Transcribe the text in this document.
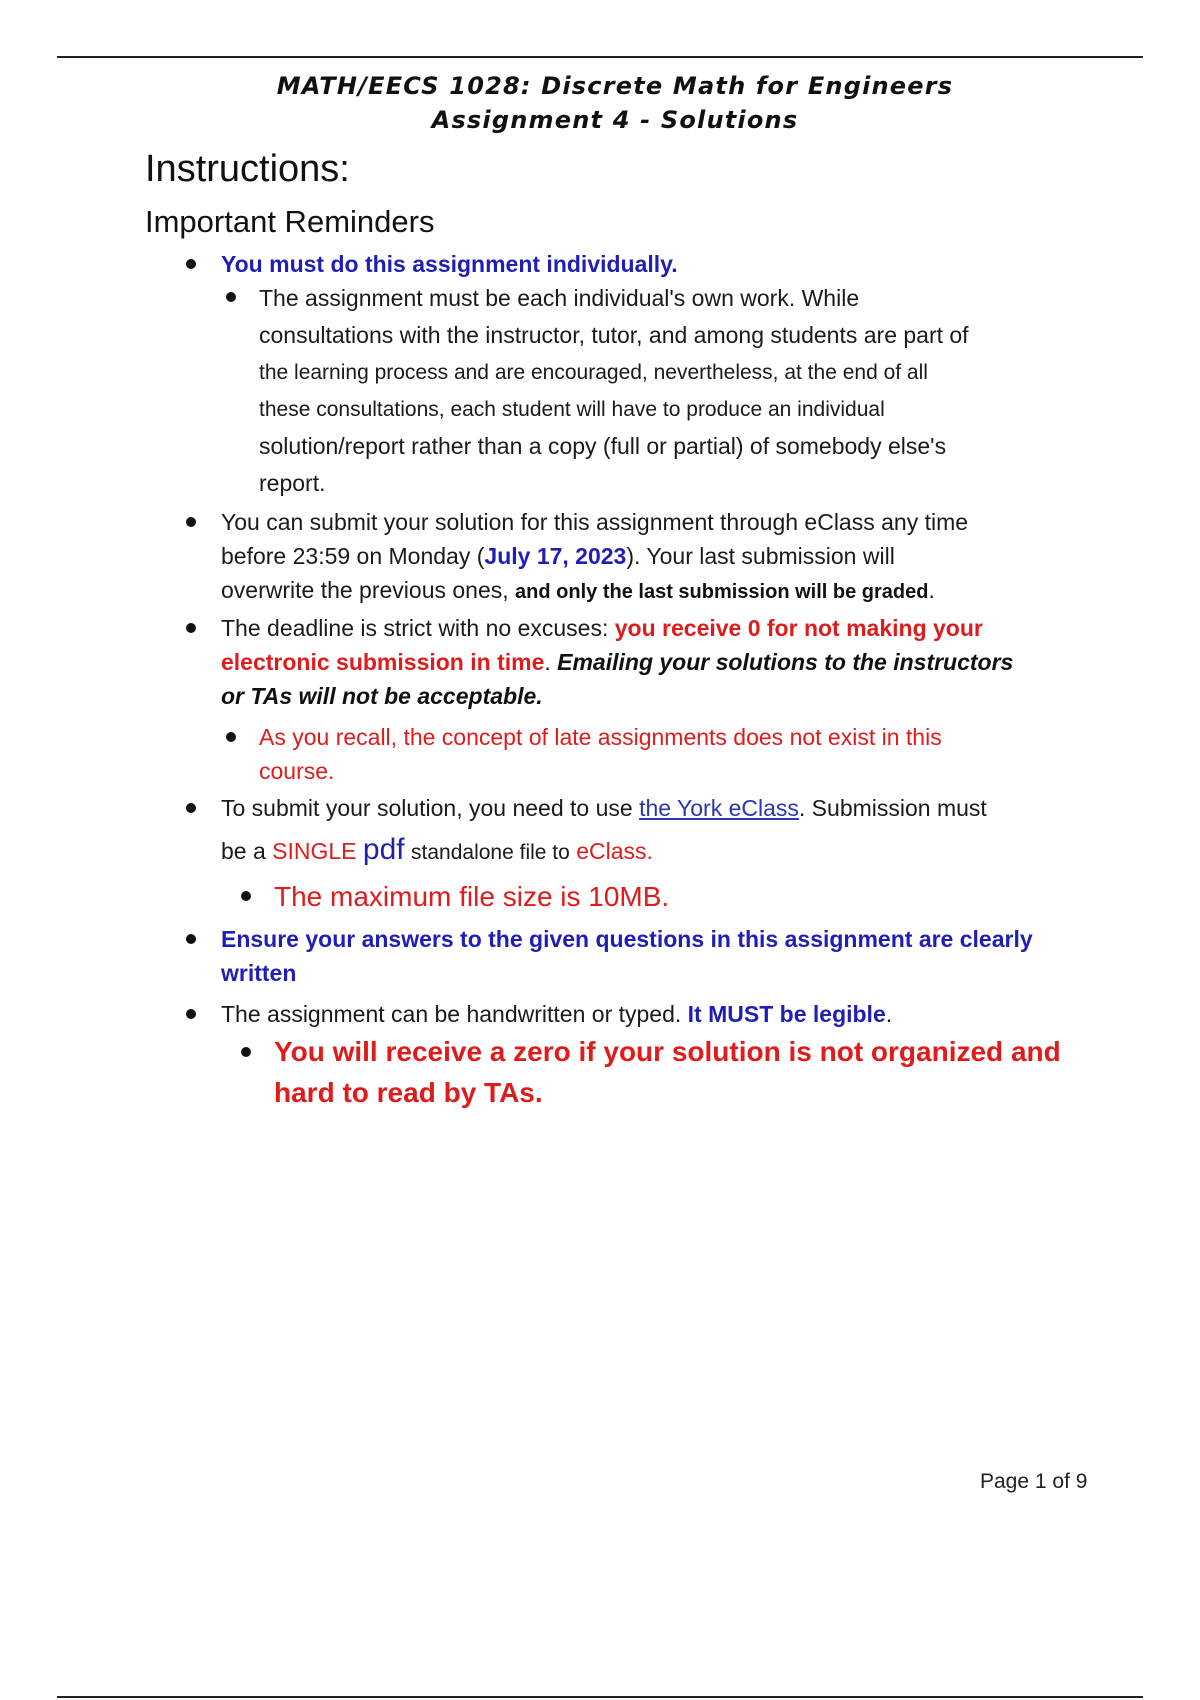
MATH/EECS 1028: Discrete Math for Engineers

Assignment 4 - Solutions

Instructions:
Important Reminders

You must do this assignment individually.

The assignment must be each individual's own work. While
consultations with the instructor, tutor, and among students are part of
the learning process and are encouraged, nevertheless, at the end of all
these consultations, each student will have to produce an individual
solution/report rather than a copy (full or partial) of somebody else's
report.
You can submit your solution for this assignment through eClass any time
before 23:59 on Monday (July 17, 2023). Your last submission will
overwrite the previous ones, and only the last submission will be graded.
The deadline is strict with no excuses: you receive 0 for not making your
electronic submission in time. Emailing your solutions to the instructors
or TAs will not be acceptable.
As you recall, the concept of late assignments does not exist in this
course.
To submit your solution, you need to use the York eClass. Submission must
be a SINGLE pdf standalone file to eClass.
The maximum file size is 10MB.
Ensure your answers to the given questions in this assignment are clearly
written
The assignment can be handwritten or typed. It MUST be legible.
You will receive a zero if your solution is not organized and
hard to read by TAs.

Page 1 of 9
